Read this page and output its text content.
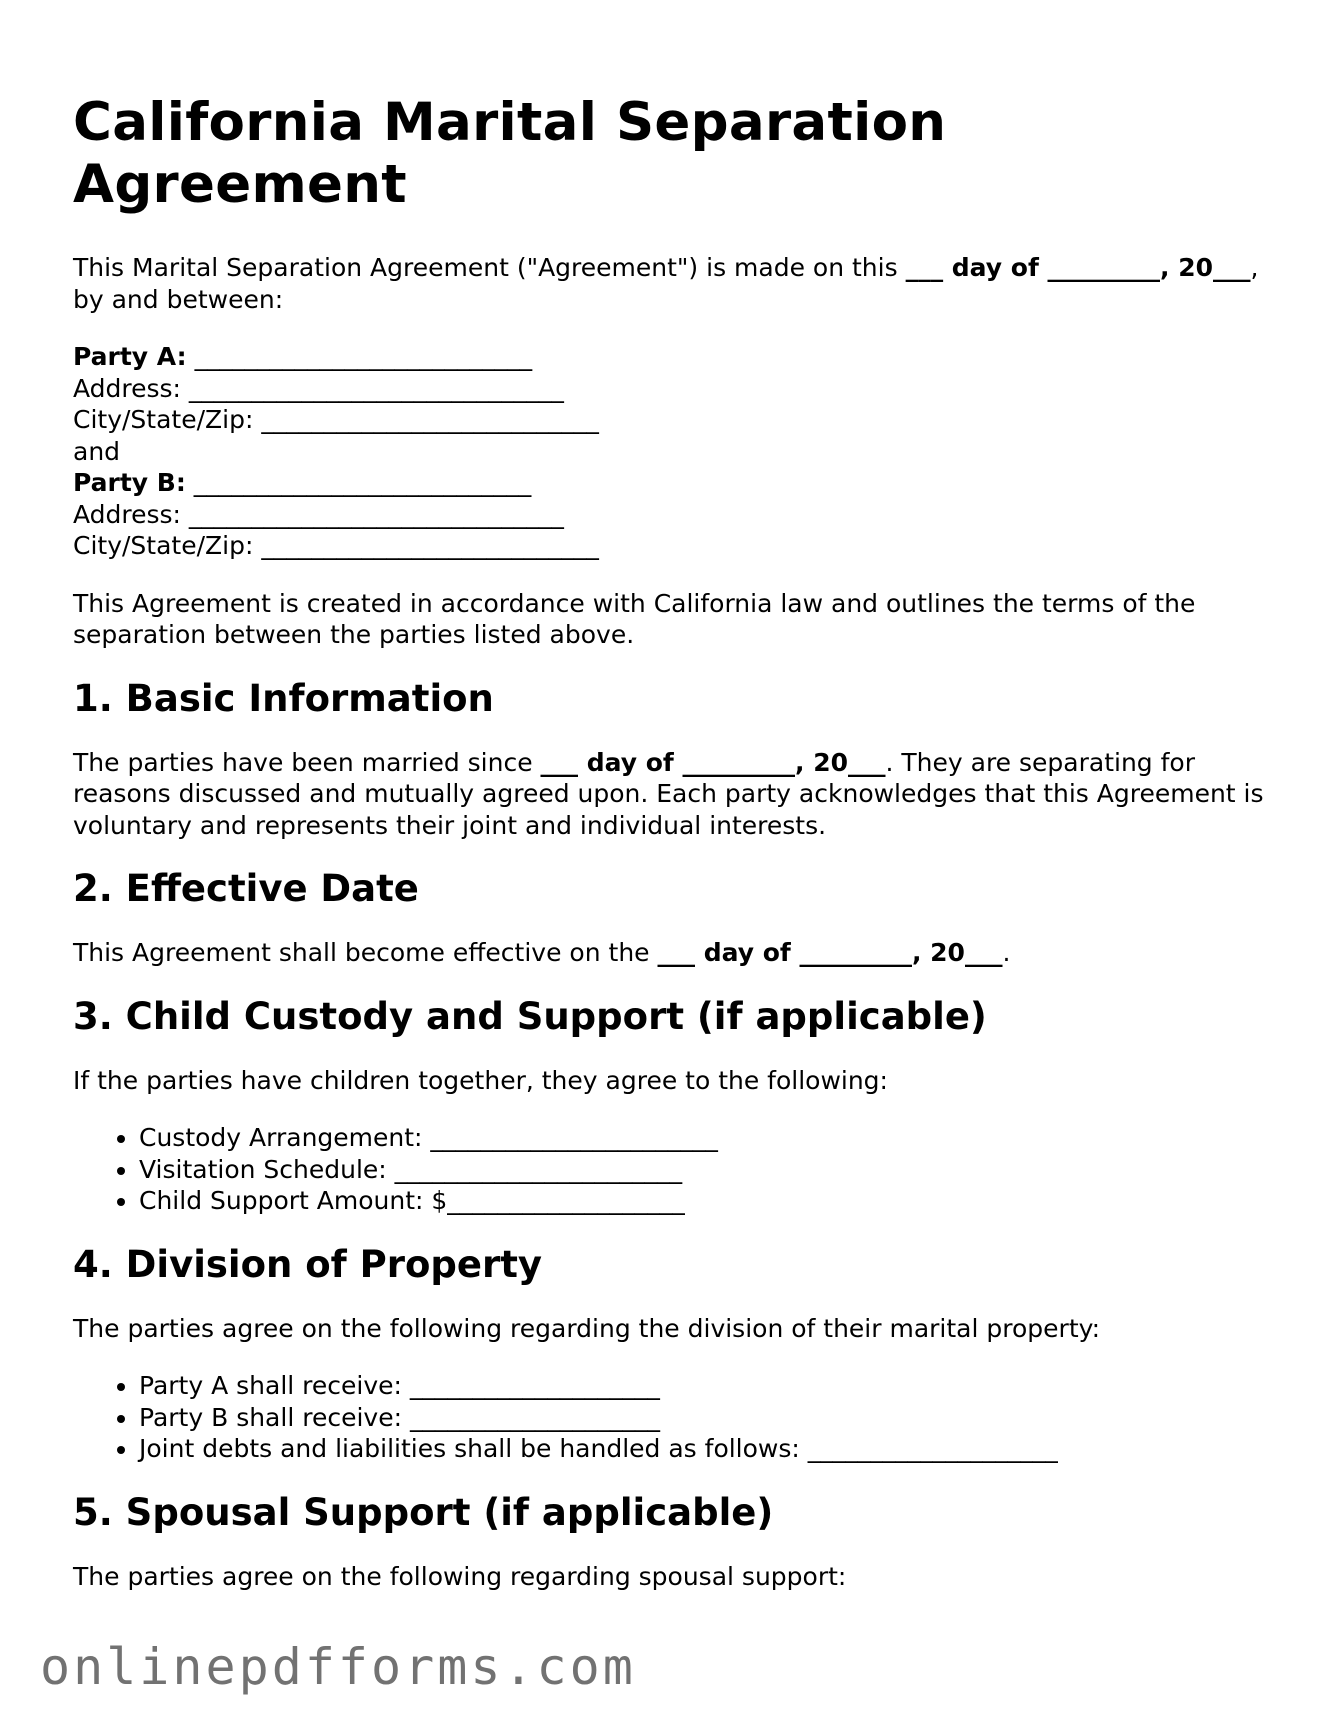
California Marital Separation Agreement

This Marital Separation Agreement ("Agreement") is made on this ___ day of _________, 20___, by and between:

Party A: ___________________________
Address: ______________________________
City/State/Zip: ___________________________
and
Party B: ___________________________
Address: ______________________________
City/State/Zip: ___________________________

This Agreement is created in accordance with California law and outlines the terms of the separation between the parties listed above.

1. Basic Information

The parties have been married since ___ day of _________, 20___. They are separating for reasons discussed and mutually agreed upon. Each party acknowledges that this Agreement is voluntary and represents their joint and individual interests.

2. Effective Date

This Agreement shall become effective on the ___ day of _________, 20___.

3. Child Custody and Support (if applicable)

If the parties have children together, they agree to the following:

• Custody Arrangement: _______________________
• Visitation Schedule: _______________________
• Child Support Amount: $___________________
4. Division of Property

The parties agree on the following regarding the division of their marital property:

• Party A shall receive: ____________________
• Party B shall receive: ____________________
• Joint debts and liabilities shall be handled as follows: ____________________
5. Spousal Support (if applicable)

The parties agree on the following regarding spousal support:

onlinepdfforms.com
